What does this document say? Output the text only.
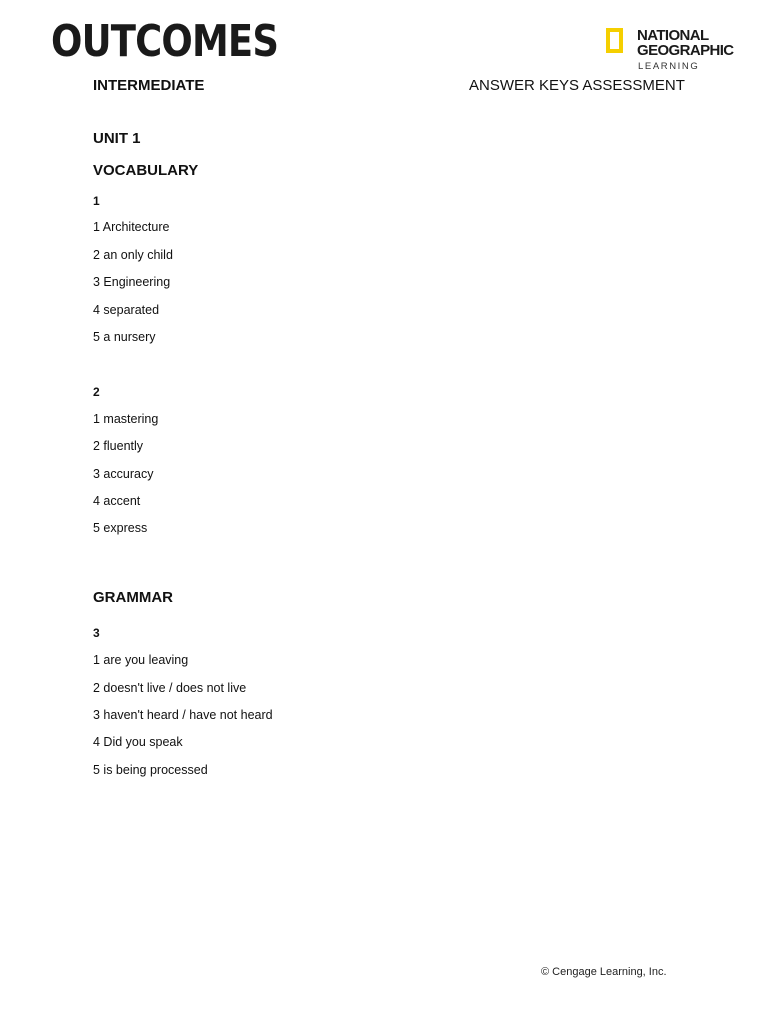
OUTCOMES	NATIONAL
GEOGRAPHIC
LEARNING
INTERMEDIATE	ANSWER KEYS ASSESSMENT
UNIT 1
VOCABULARY
1
1 Architecture
2 an only child
3 Engineering
4 separated
5 a nursery
2
1 mastering
2 fluently
3 accuracy
4 accent
5 express
GRAMMAR
3
1 are you leaving
2 doesn't live / does not live
3 haven't heard / have not heard
4 Did you speak
5 is being processed
© Cengage Learning, Inc.
